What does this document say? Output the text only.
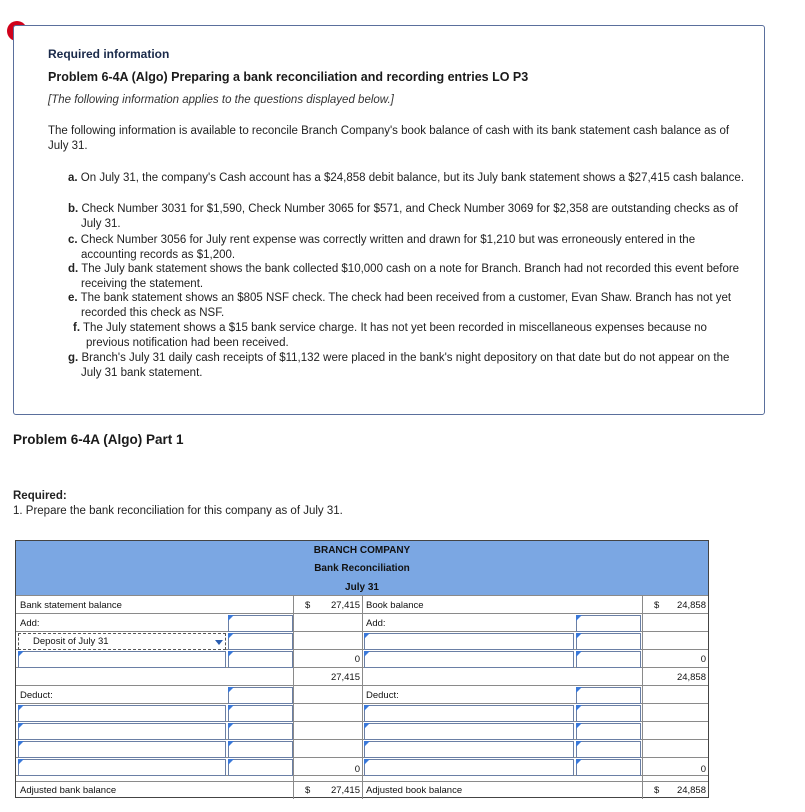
Required information
Problem 6-4A (Algo) Preparing a bank reconciliation and recording entries LO P3
[The following information applies to the questions displayed below.]
The following information is available to reconcile Branch Company's book balance of cash with its bank statement cash balance as of July 31.
a. On July 31, the company's Cash account has a $24,858 debit balance, but its July bank statement shows a $27,415 cash balance.
b. Check Number 3031 for $1,590, Check Number 3065 for $571, and Check Number 3069 for $2,358 are outstanding checks as of July 31.
c. Check Number 3056 for July rent expense was correctly written and drawn for $1,210 but was erroneously entered in the accounting records as $1,200.
d. The July bank statement shows the bank collected $10,000 cash on a note for Branch. Branch had not recorded this event before receiving the statement.
e. The bank statement shows an $805 NSF check. The check had been received from a customer, Evan Shaw. Branch has not yet recorded this check as NSF.
f. The July statement shows a $15 bank service charge. It has not yet been recorded in miscellaneous expenses because no previous notification had been received.
g. Branch's July 31 daily cash receipts of $11,132 were placed in the bank's night depository on that date but do not appear on the July 31 bank statement.
Problem 6-4A (Algo) Part 1
Required:
1. Prepare the bank reconciliation for this company as of July 31.
BRANCH COMPANY
Bank Reconciliation
July 31
Bank statement balance	$	27,415 Book balance	$	24,858
Add:	Add:
Deposit of July 31
0	0
27,415	24,858
Deduct:	Deduct:
0	0
Adjusted bank balance	$	27,415 Adjusted book balance	$	24,858
